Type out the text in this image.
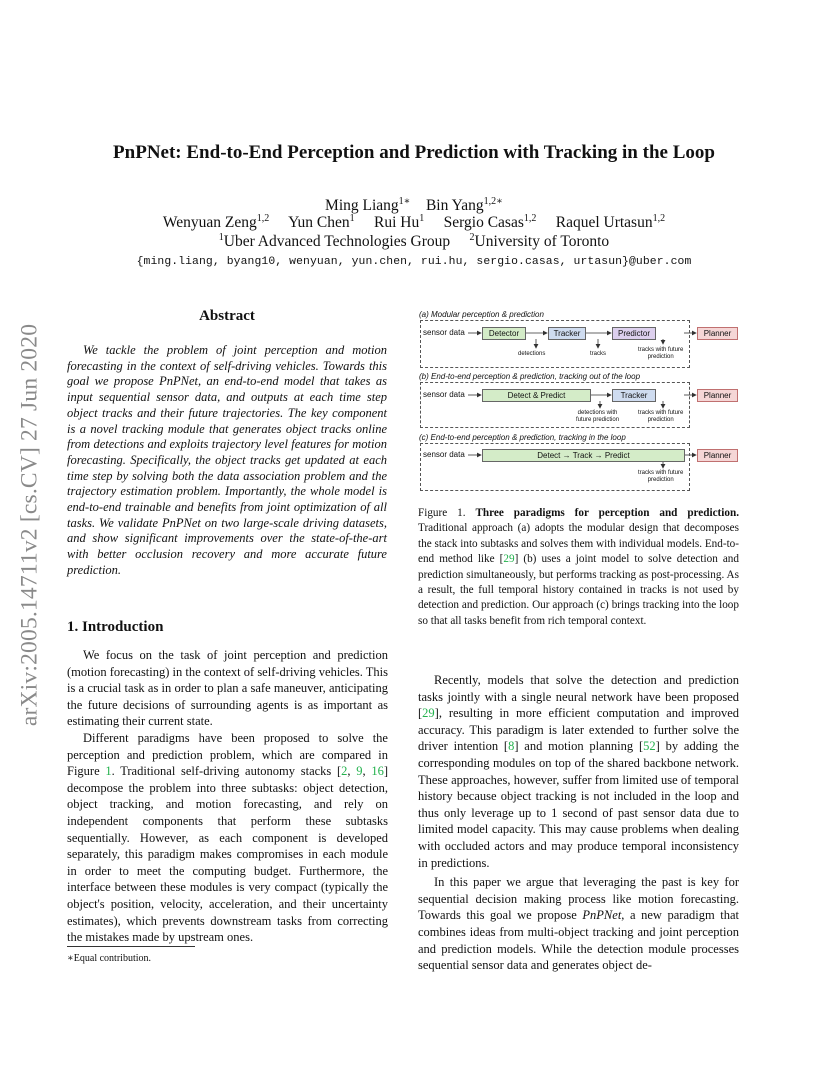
arXiv:2005.14711v2 [cs.CV] 27 Jun 2020
PnPNet: End-to-End Perception and Prediction with Tracking in the Loop
Ming Liang$^{1∗}$ Bin Yang$^{1,2∗}$
Wenyuan Zeng$^{1,2}$ Yun Chen$^1$ Rui Hu$^1$ Sergio Casas$^{1,2}$ Raquel Urtasun$^{1,2}$
$^1$Uber Advanced Technologies Group $^2$University of Toronto
{ming.liang, byang10, wenyuan, yun.chen, rui.hu, sergio.casas, urtasun}@uber.com
Abstract
We tackle the problem of joint perception and motion forecasting in the context of self-driving vehicles. Towards this goal we propose PnPNet, an end-to-end model that takes as input sequential sensor data, and outputs at each time step object tracks and their future trajectories. The key component is a novel tracking module that generates object tracks online from detections and exploits trajectory level features for motion forecasting. Specifically, the object tracks get updated at each time step by solving both the data association problem and the trajectory estimation problem. Importantly, the whole model is end-to-end trainable and benefits from joint optimization of all tasks. We validate PnPNet on two large-scale driving datasets, and show significant improvements over the state-of-the-art with better occlusion recovery and more accurate future prediction.
1. Introduction

We focus on the task of joint perception and prediction (motion forecasting) in the context of self-driving vehicles. This is a crucial task as in order to plan a safe maneuver, anticipating the future decisions of surrounding agents is as important as estimating their current state.

Different paradigms have been proposed to solve the perception and prediction problem, which are compared in Figure 1. Traditional self-driving autonomy stacks [2, 9, 16] decompose the problem into three subtasks: object detection, object tracking, and motion forecasting, and rely on independent components that perform these subtasks sequentially. However, as each component is developed separately, this paradigm makes compromises in each module in order to meet the computing budget. Furthermore, the interface between these modules is very compact (typically the object's position, velocity, acceleration, and their uncertainty estimates), which prevents downstream tasks from correcting the mistakes made by upstream ones.

∗Equal contribution.
(a) Modular perception & prediction
sensor data	Detector	Tracker	Predictor	Planner
detections	tracks
tracks with future
prediction
(b) End-to-end perception & prediction, tracking out of the loop
sensor data	Detect & Predict	Tracker	Planner
detections with
future prediction
tracks with future
prediction
(c) End-to-end perception & prediction, tracking in the loop
sensor data	Detect → Track → Predict	Planner
tracks with future
prediction
Figure 1. Three paradigms for perception and prediction. Traditional approach (a) adopts the modular design that decomposes the stack into subtasks and solves them with individual models. End-to-end method like [29] (b) uses a joint model to solve detection and prediction simultaneously, but performs tracking as post-processing. As a result, the full temporal history contained in tracks is not used by detection and prediction. Our approach (c) brings tracking into the loop so that all tasks benefit from rich temporal context.

Recently, models that solve the detection and prediction tasks jointly with a single neural network have been proposed [29], resulting in more efficient computation and improved accuracy. This paradigm is later extended to further solve the driver intention [8] and motion planning [52] by adding the corresponding modules on top of the shared backbone network. These approaches, however, suffer from limited use of temporal history because object tracking is not included in the loop and thus only leverage up to 1 second of past sensor data due to limited model capacity. This may cause problems when dealing with occluded actors and may produce temporal inconsistency in predictions.

In this paper we argue that leveraging the past is key for sequential decision making process like motion forecasting. Towards this goal we propose PnPNet, a new paradigm that combines ideas from multi-object tracking and joint perception and prediction models. While the detection module processes sequential sensor data and generates object de-
